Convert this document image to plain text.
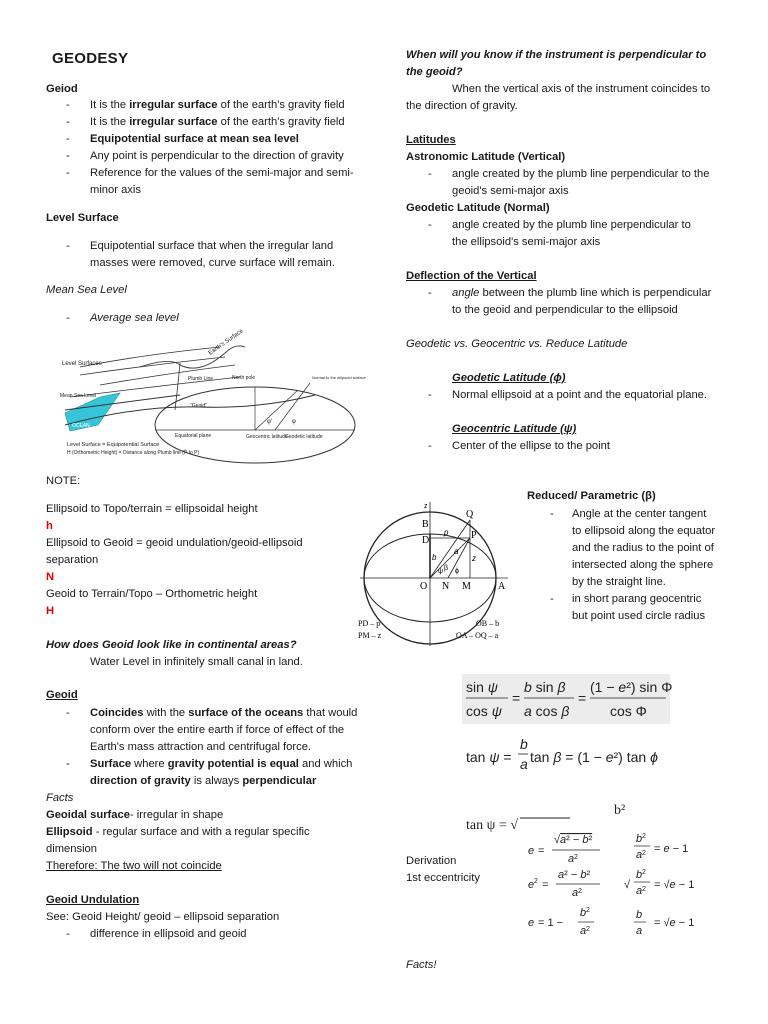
GEODESY
Geiod
-	It is the irregular surface of the earth's gravity field
-	It is the irregular surface of the earth's gravity field
-	Equipotential surface at mean sea level
-	Any point is perpendicular to the direction of gravity
-	Reference for the values of the semi-major and semi-
minor axis
Level Surface
- Equipotential surface that when the irregular land
masses were removed, curve surface will remain.
Mean Sea Level
- Average sea level
Level Surfaces
Earth's Surface
Plumb Line
Mean Sea Level
"Geoid"
OCEAN
North pole	Normal to the ellipsoid surface
Equatorial plane	Geocentric latitude
Geodetic latitude
φ'	φ
Level Surface = Equipotential Surface
H (Orthometric Height) = Distance along Plumb line (P̄ to P)
NOTE:
Ellipsoid to Topo/terrain = ellipsoidal height
h
Ellipsoid to Geoid = geoid undulation/geoid-ellipsoid
separation
N
Geoid to Terrain/Topo – Orthometric height
H
How does Geoid look like in continental areas?
Water Level in infinitely small canal in land.
Geoid
- Coincides with the surface of the oceans that would
conform over the entire earth if force of effect of the
Earth's mass attraction and centrifugal force.
- Surface where gravity potential is equal and which
direction of gravity is always perpendicular
Facts
Geoidal surface- irregular in shape
Ellipsoid - regular surface and with a regular specific
dimension
Therefore: The two will not coincide
Geoid Undulation
See: Geoid Height/ geoid – ellipsoid separation
- difference in ellipsoid and geoid
When will you know if the instrument is perpendicular to the geoid?
When the vertical axis of the instrument coincides to
the direction of gravity.
Latitudes
Astronomic Latitude (Vertical)
- angle created by the plumb line perpendicular to the
geoid's semi-major axis
Geodetic Latitude (Normal)
- angle created by the plumb line perpendicular to
the ellipsoid's semi-major axis
Deflection of the Vertical
- angle between the plumb line which is perpendicular
to the geoid and perpendicular to the ellipsoid
Geodetic vs. Geocentric vs. Reduce Latitude
Geodetic Latitude (ɸ)
- Normal ellipsoid at a point and the equatorial plane.
Geocentric Latitude (ψ)
- Center of the ellipse to the point
z
B
D
Q
P
O N M	A
b
a
p
z
ψ β ɸ
PD – p
PM – z
OB – b
OA – OQ – a
Reduced/ Parametric (β)
- Angle at the center tangent
to ellipsoid along the equator
and the radius to the point of
intersected along the sphere
by the straight line.
- in short parang geocentric
but point used circle radius
sin ψ
cos ψ
=
b sin β
a cos β
=
(1 − e²) sin Φ
cos Φ
tan ψ =
b
a tan β = (1 − e²) tan ϕ
tan ψ = √
b²
Derivation
1st eccentricity
e =
√a² − b²
a 2
e 2 =
a² − b²
a 2
e = 1 −
b 2
a 2
b 2
a 2 = e − 1
√
b 2
a 2 = √e − 1
b
a
= √e − 1
Facts!
